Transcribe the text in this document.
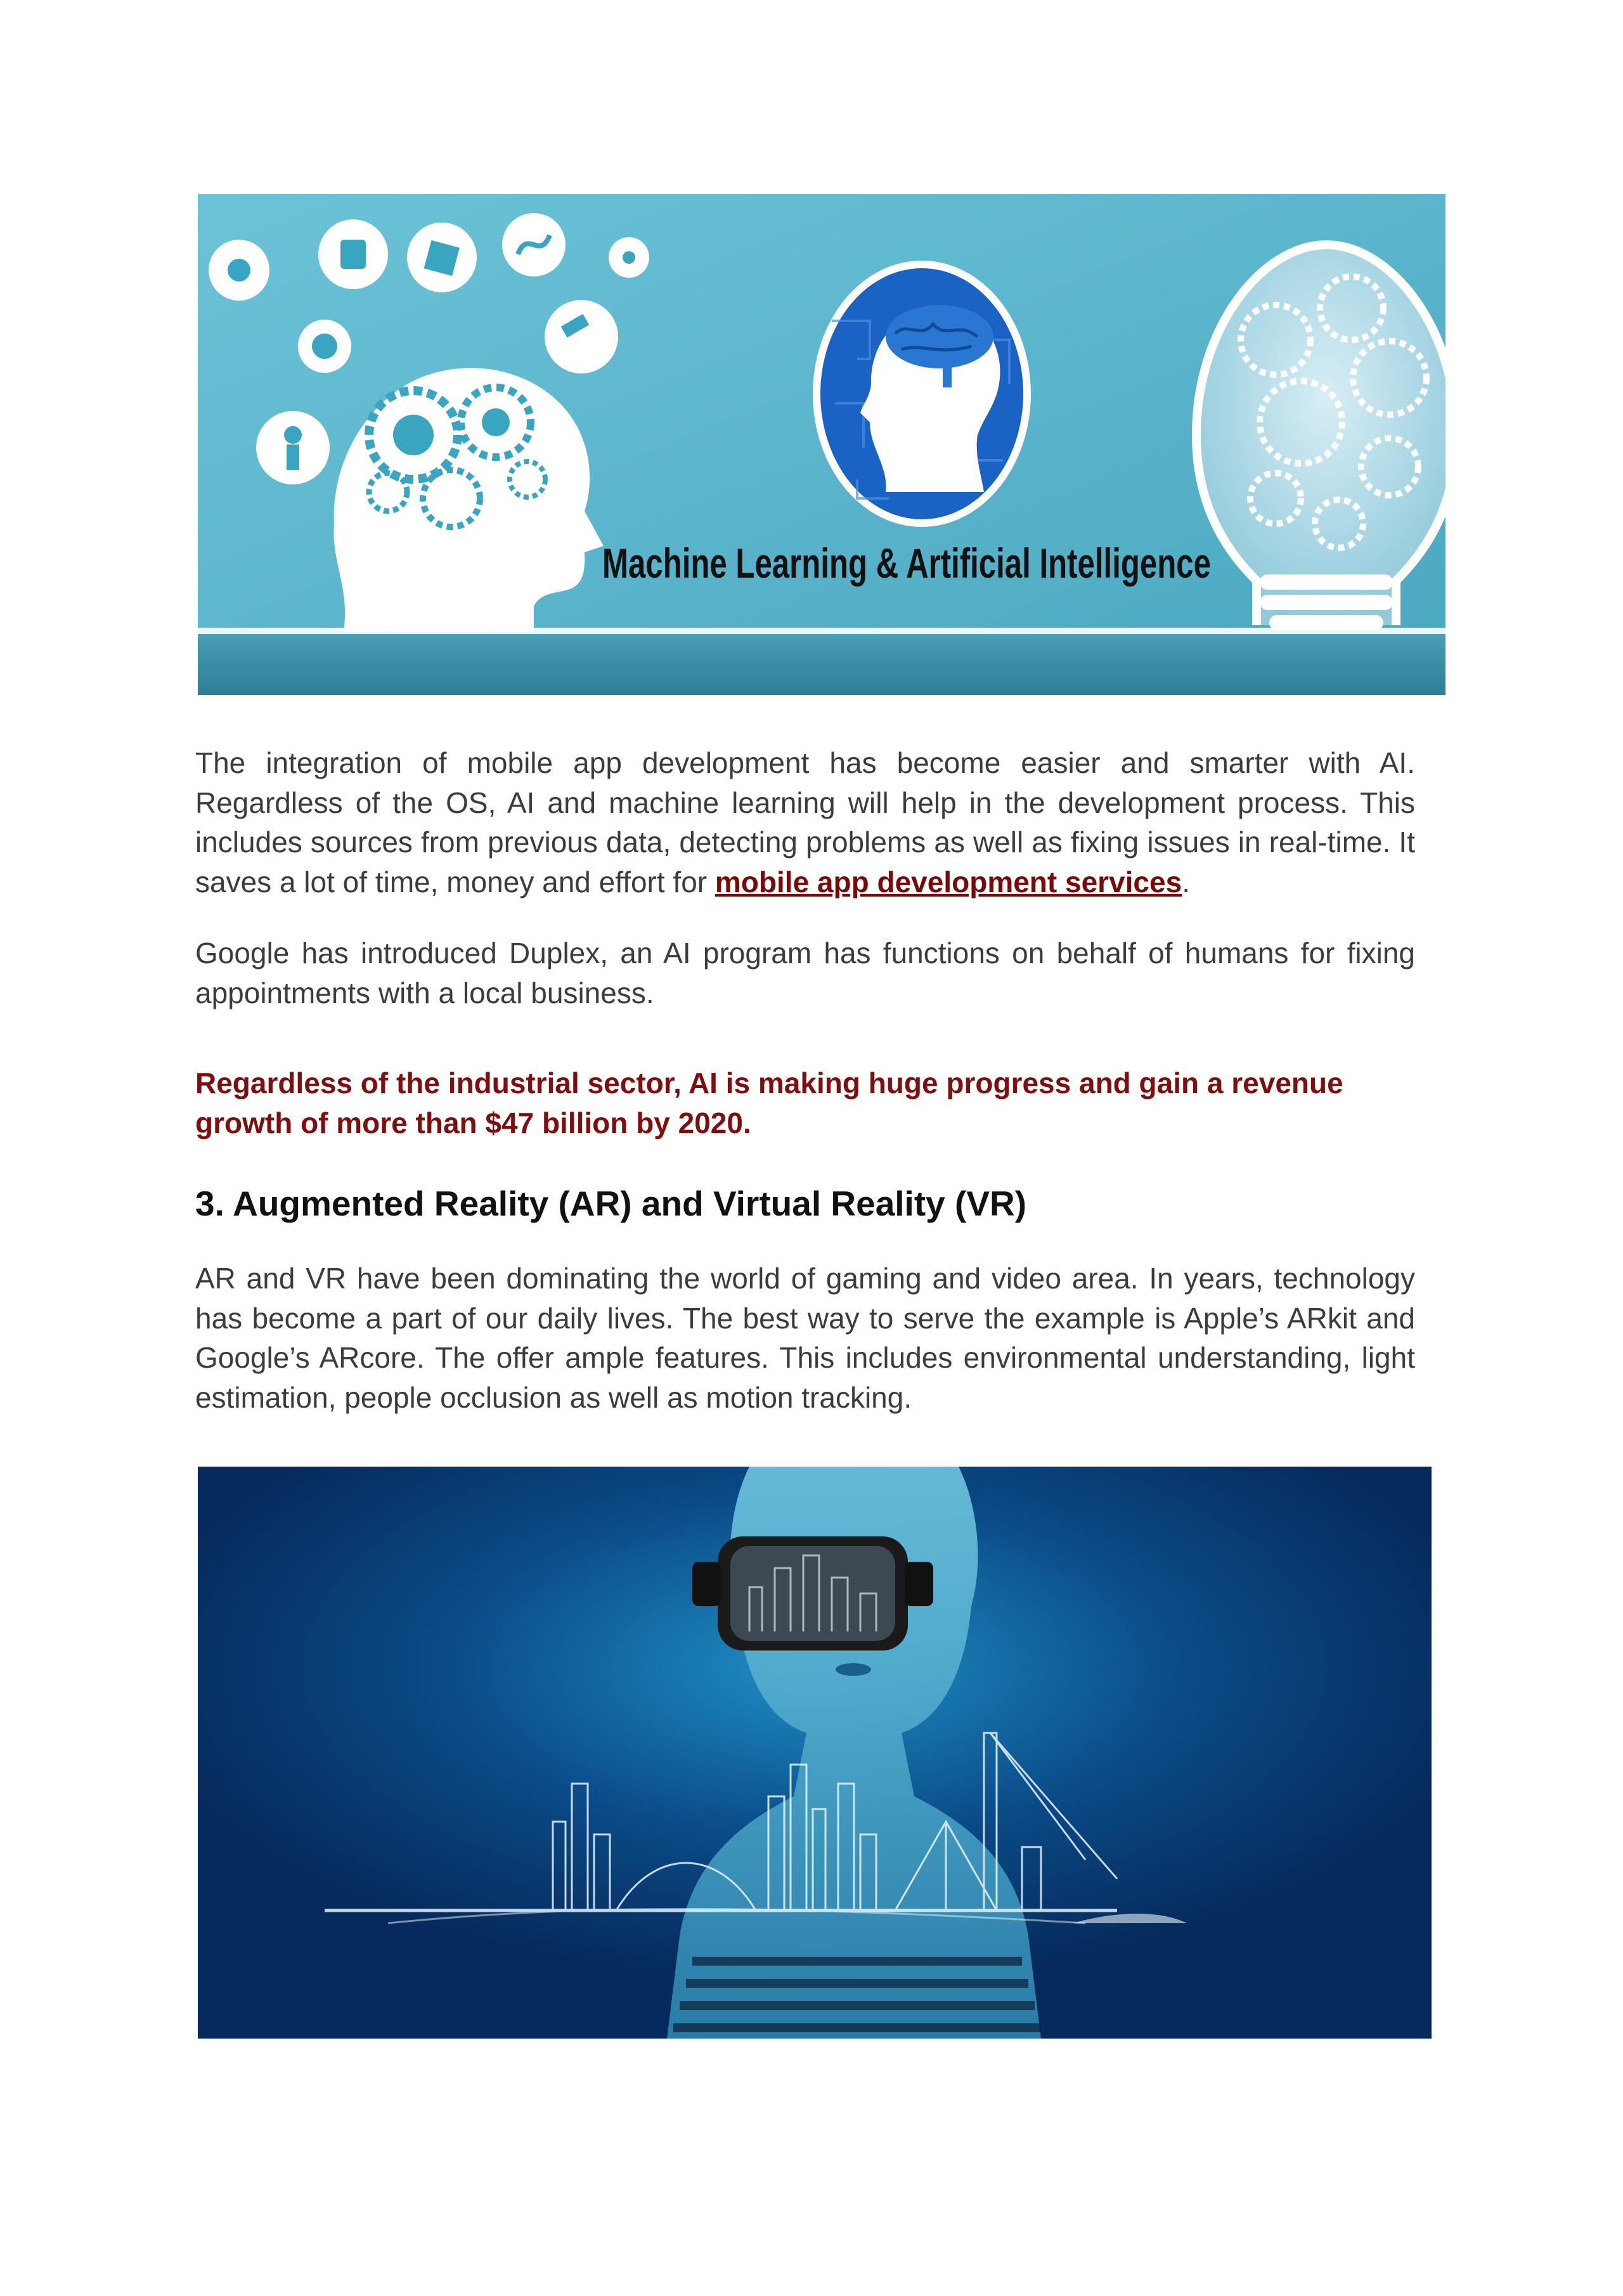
Machine Learning & Artificial Intelligence

The integration of mobile app development has become easier and smarter with AI. Regardless of the OS, AI and machine learning will help in the development process. This includes sources from previous data, detecting problems as well as fixing issues in real-time. It saves a lot of time, money and effort for mobile app development services.

Google has introduced Duplex, an AI program has functions on behalf of humans for fixing appointments with a local business.

Regardless of the industrial sector, AI is making huge progress and gain a revenue growth of more than $47 billion by 2020.

3. Augmented Reality (AR) and Virtual Reality (VR)

AR and VR have been dominating the world of gaming and video area. In years, technology has become a part of our daily lives. The best way to serve the example is Apple’s ARkit and Google’s ARcore. The offer ample features. This includes environmental understanding, light estimation, people occlusion as well as motion tracking.
